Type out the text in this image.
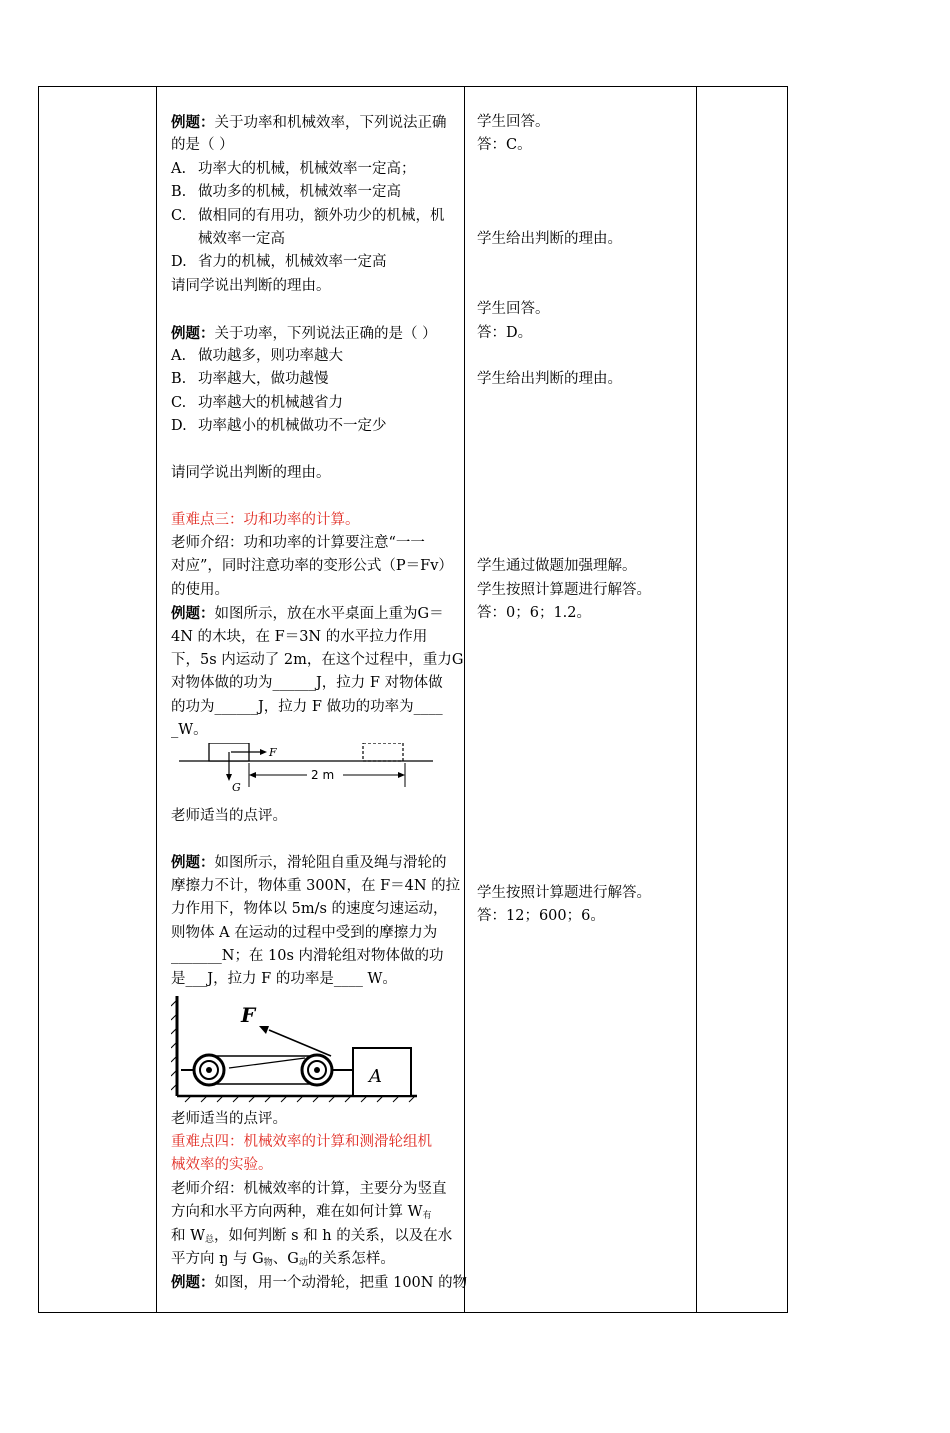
例题：关于功率和机械效率，下列说法正确
的是（ ）
A. 功率大的机械，机械效率一定高；
B. 做功多的机械，机械效率一定高
C. 做相同的有用功，额外功少的机械，机
械效率一定高
D. 省力的机械，机械效率一定高
请同学说出判断的理由。
例题：关于功率，下列说法正确的是（ ）
A. 做功越多，则功率越大
B. 功率越大，做功越慢
C. 功率越大的机械越省力
D. 功率越小的机械做功不一定少
请同学说出判断的理由。
重难点三：功和功率的计算。
老师介绍：功和功率的计算要注意“一一
对应”，同时注意功率的变形公式（P＝Fv）
的使用。
例题：如图所示，放在水平桌面上重为G＝
4N 的木块，在 F＝3N 的水平拉力作用
下，5s 内运动了 2m，在这个过程中，重力G
对物体做的功为______J，拉力 F 对物体做
的功为______J，拉力 F 做功的功率为____
_W。
F
G
2 m
老师适当的点评。
例题：如图所示，滑轮阻自重及绳与滑轮的
摩擦力不计，物体重 300N，在 F＝4N 的拉
力作用下，物体以 5m/s 的速度匀速运动，
则物体 A 在运动的过程中受到的摩擦力为
_______N；在 10s 内滑轮组对物体做的功
是___J，拉力 F 的功率是____ W。
A
F
老师适当的点评。
重难点四：机械效率的计算和测滑轮组机
械效率的实验。
老师介绍：机械效率的计算，主要分为竖直
方向和水平方向两种，难在如何计算 $W_有$
和 $W_总$，如何判断 s 和 h 的关系，以及在水
平方向 ŋ 与 $G_物$、$G_动$的关系怎样。
例题：如图，用一个动滑轮，把重 100N 的物
学生回答。
答：C。
学生给出判断的理由。
学生回答。
答：D。
学生给出判断的理由。
学生通过做题加强理解。
学生按照计算题进行解答。
答：0；6；1.2。
学生按照计算题进行解答。
答：12；600；6。
